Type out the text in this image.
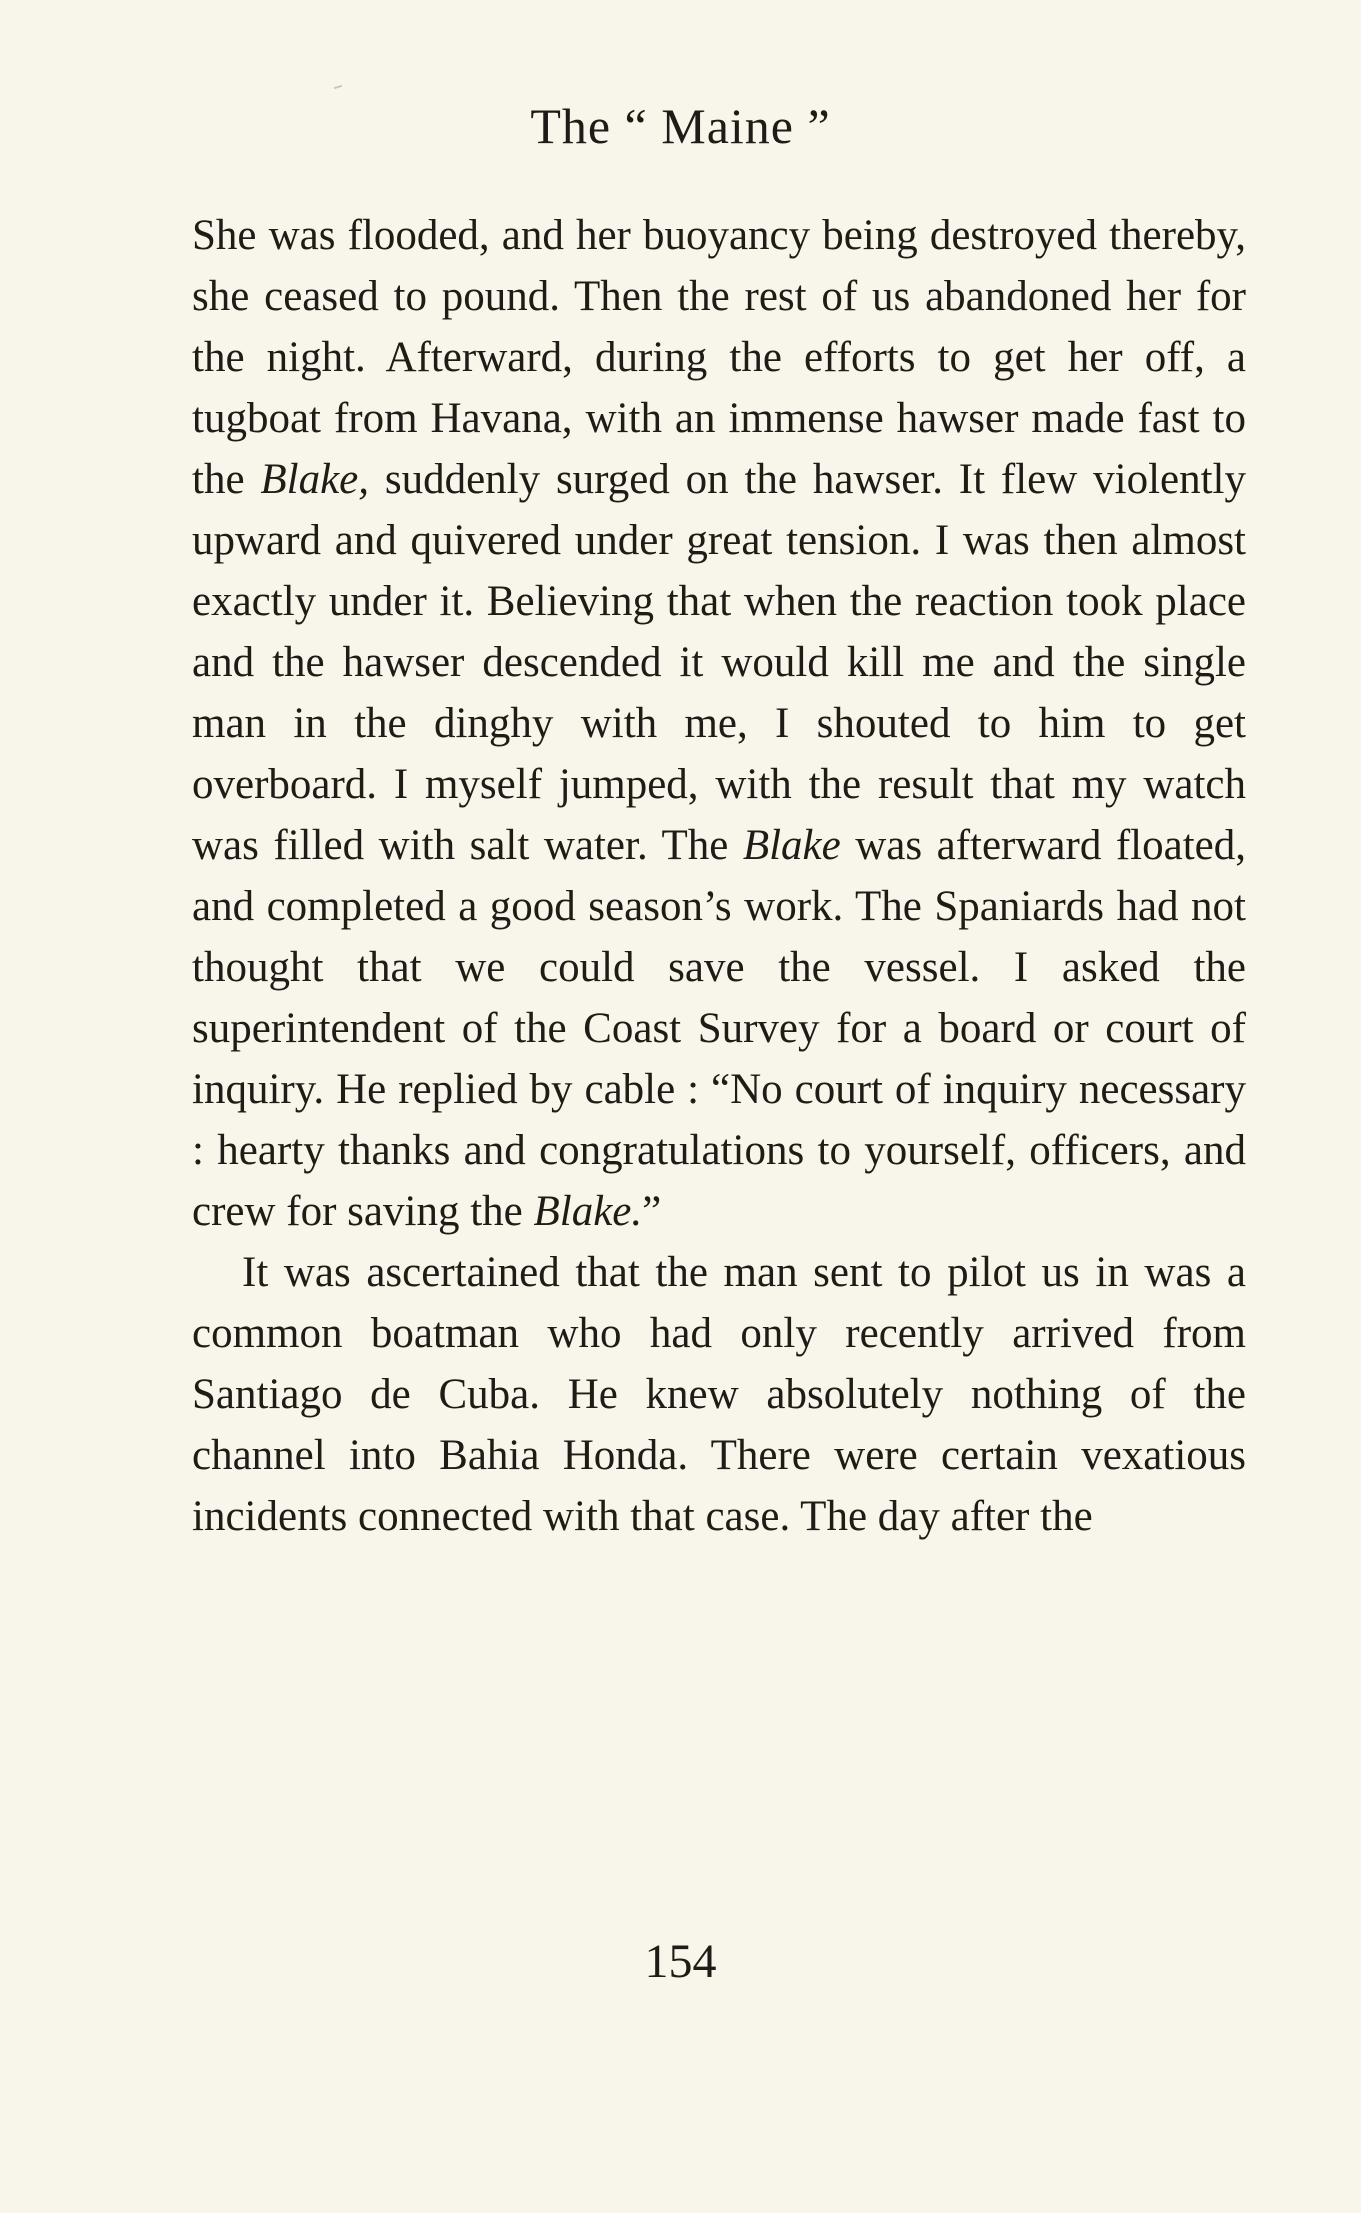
The “ Maine ”

She was flooded, and her buoyancy being destroyed thereby, she ceased to pound. Then the rest of us abandoned her for the night. Afterward, during the efforts to get her off, a tugboat from Havana, with an immense hawser made fast to the Blake, suddenly surged on the hawser. It flew violently upward and quivered under great tension. I was then almost exactly under it. Believing that when the reaction took place and the hawser descended it would kill me and the single man in the dinghy with me, I shouted to him to get overboard. I myself jumped, with the result that my watch was filled with salt water. The Blake was afterward floated, and completed a good season’s work. The Spaniards had not thought that we could save the vessel. I asked the superintendent of the Coast Survey for a board or court of inquiry. He replied by cable : “No court of inquiry necessary : hearty thanks and congratulations to yourself, officers, and crew for saving the Blake.”

It was ascertained that the man sent to pilot us in was a common boatman who had only recently arrived from Santiago de Cuba. He knew absolutely nothing of the channel into Bahia Honda. There were certain vexatious incidents connected with that case. The day after the

154
